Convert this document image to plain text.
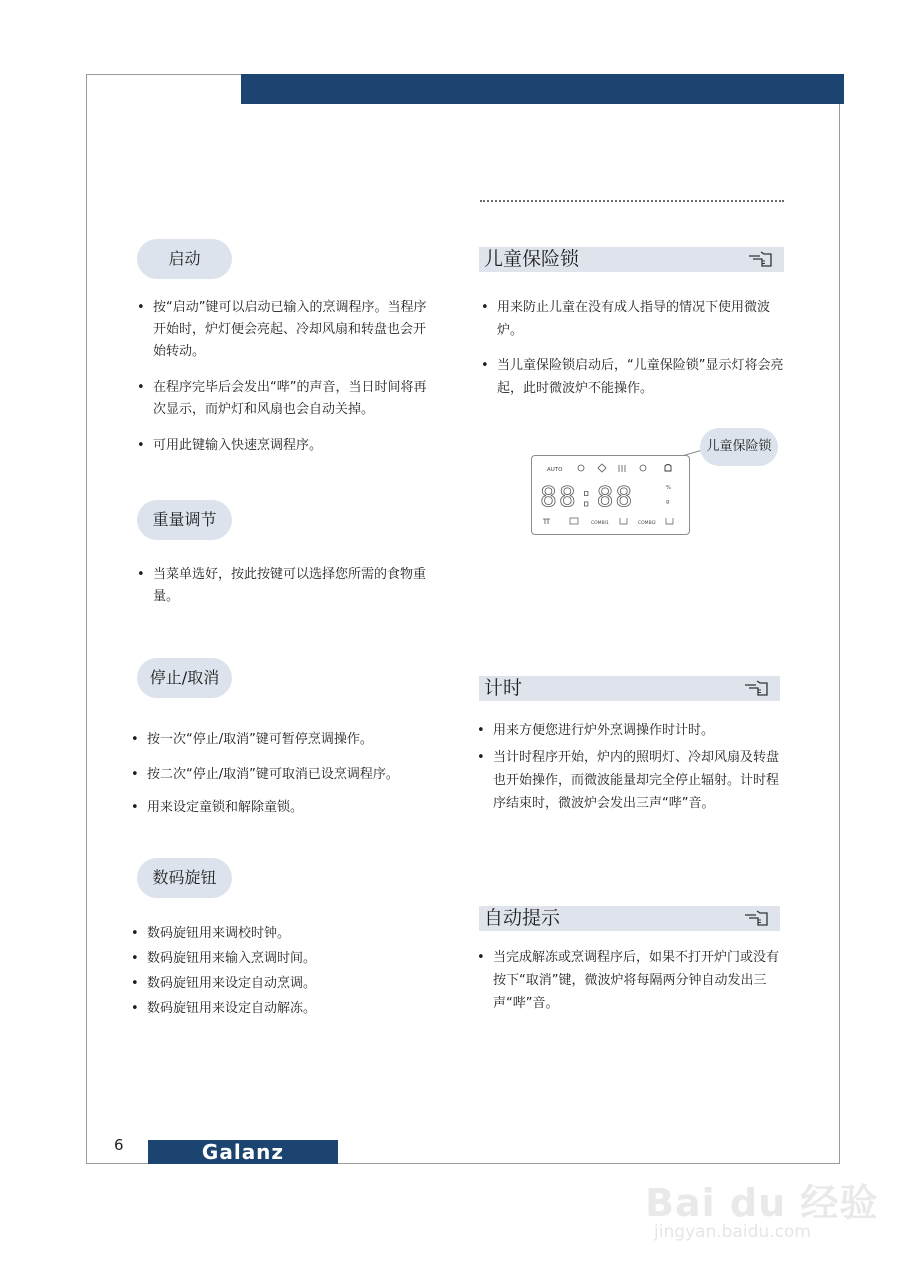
启动
• 按“启动”键可以启动已输入的烹调程序。当程序开始时，炉灯便会亮起、冷却风扇和转盘也会开始转动。
• 在程序完毕后会发出“哔”的声音，当日时间将再次显示，而炉灯和风扇也会自动关掉。
• 可用此键输入快速烹调程序。
重量调节
• 当菜单选好，按此按键可以选择您所需的食物重量。
停止/取消
• 按一次“停止/取消”键可暂停烹调操作。
• 按二次“停止/取消”键可取消已设烹调程序。
• 用来设定童锁和解除童锁。
数码旋钮
• 数码旋钮用来调校时钟。
• 数码旋钮用来输入烹调时间。
• 数码旋钮用来设定自动烹调。
• 数码旋钮用来设定自动解冻。
儿童保险锁
• 用来防止儿童在没有成人指导的情况下使用微波炉。
• 当儿童保险锁启动后，“儿童保险锁”显示灯将会亮起，此时微波炉不能操作。
儿童保险锁
AUTO
88:88	%
g
COMBI1	COMBI2
计时
• 用来方便您进行炉外烹调操作时计时。
• 当计时程序开始，炉内的照明灯、冷却风扇及转盘也开始操作，而微波能量却完全停止辐射。计时程序结束时，微波炉会发出三声“哔”音。
自动提示
• 当完成解冻或烹调程序后，如果不打开炉门或没有按下“取消”键，微波炉将每隔两分钟自动发出三声“哔”音。
6	Galanz
Bai du 经验
jingyan.baidu.com
